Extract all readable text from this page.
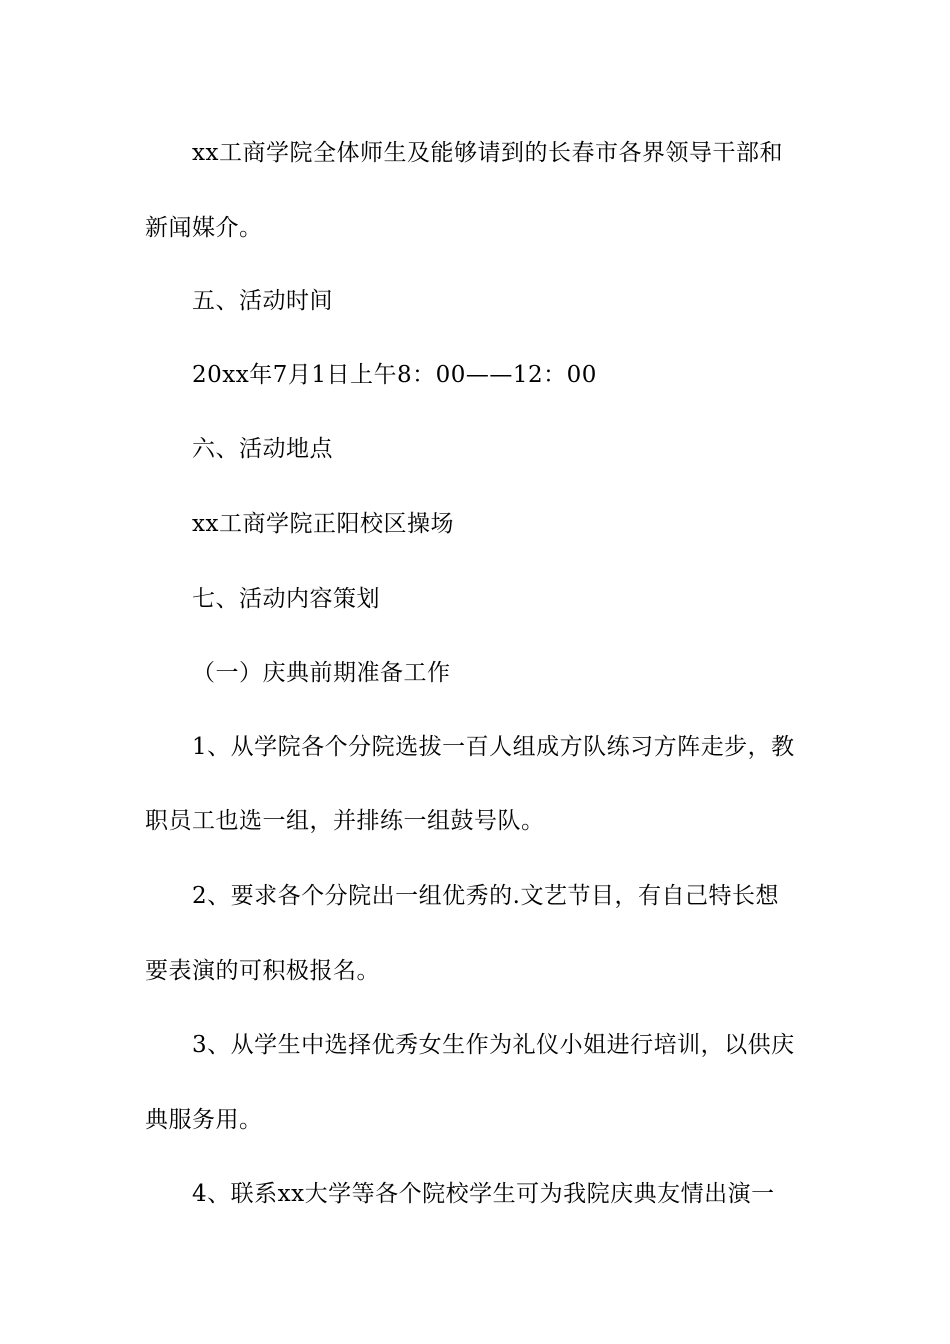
xx工商学院全体师生及能够请到的长春市各界领导干部和
新闻媒介。
五、活动时间
20xx年7月1日上午8：00——12：00
六、活动地点
xx工商学院正阳校区操场
七、活动内容策划
（一）庆典前期准备工作
1、从学院各个分院选拔一百人组成方队练习方阵走步，教
职员工也选一组，并排练一组鼓号队。
2、要求各个分院出一组优秀的.文艺节目，有自己特长想
要表演的可积极报名。
3、从学生中选择优秀女生作为礼仪小姐进行培训，以供庆
典服务用。
4、联系xx大学等各个院校学生可为我院庆典友情出演一
